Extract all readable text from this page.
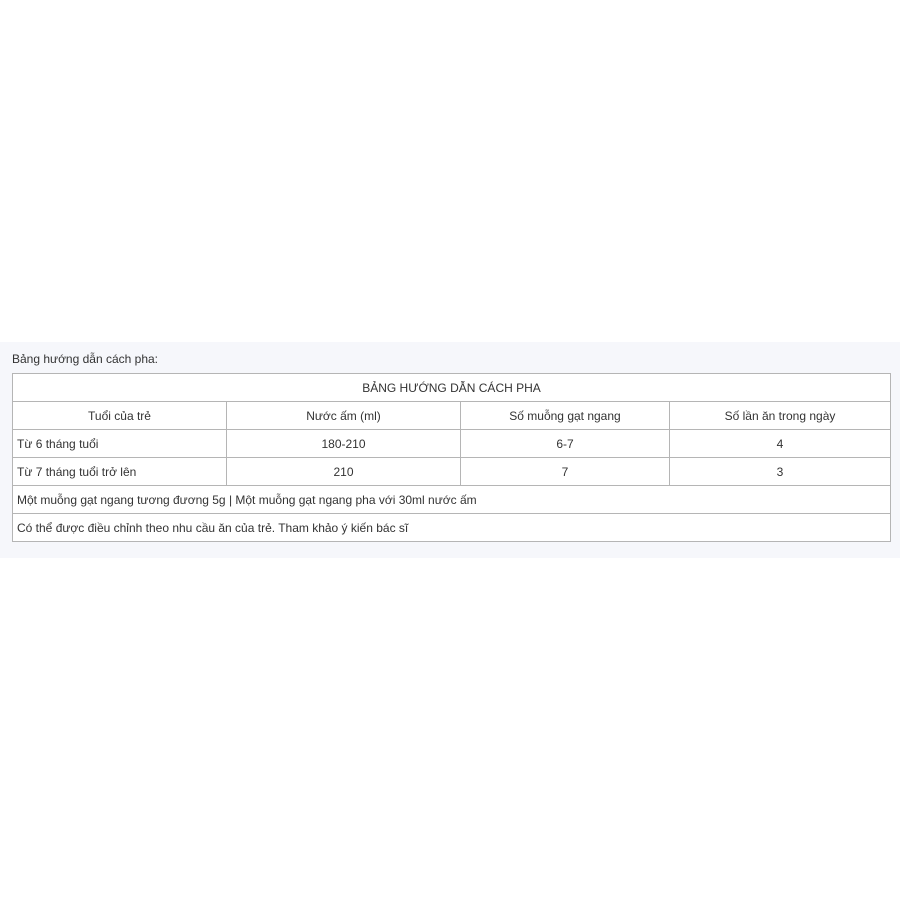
Bảng hướng dẫn cách pha:
BẢNG HƯỚNG DẪN CÁCH PHA			
Tuổi của trẻ	Nước ấm (ml)	Số muỗng gạt ngang	Số lần ăn trong ngày
Từ 6 tháng tuổi	180-210	6-7	4
Từ 7 tháng tuổi trở lên	210	7	3
Một muỗng gạt ngang tương đương 5g | Một muỗng gạt ngang pha với 30ml nước ấm			
Có thể được điều chỉnh theo nhu cầu ăn của trẻ. Tham khảo ý kiến bác sĩ			
